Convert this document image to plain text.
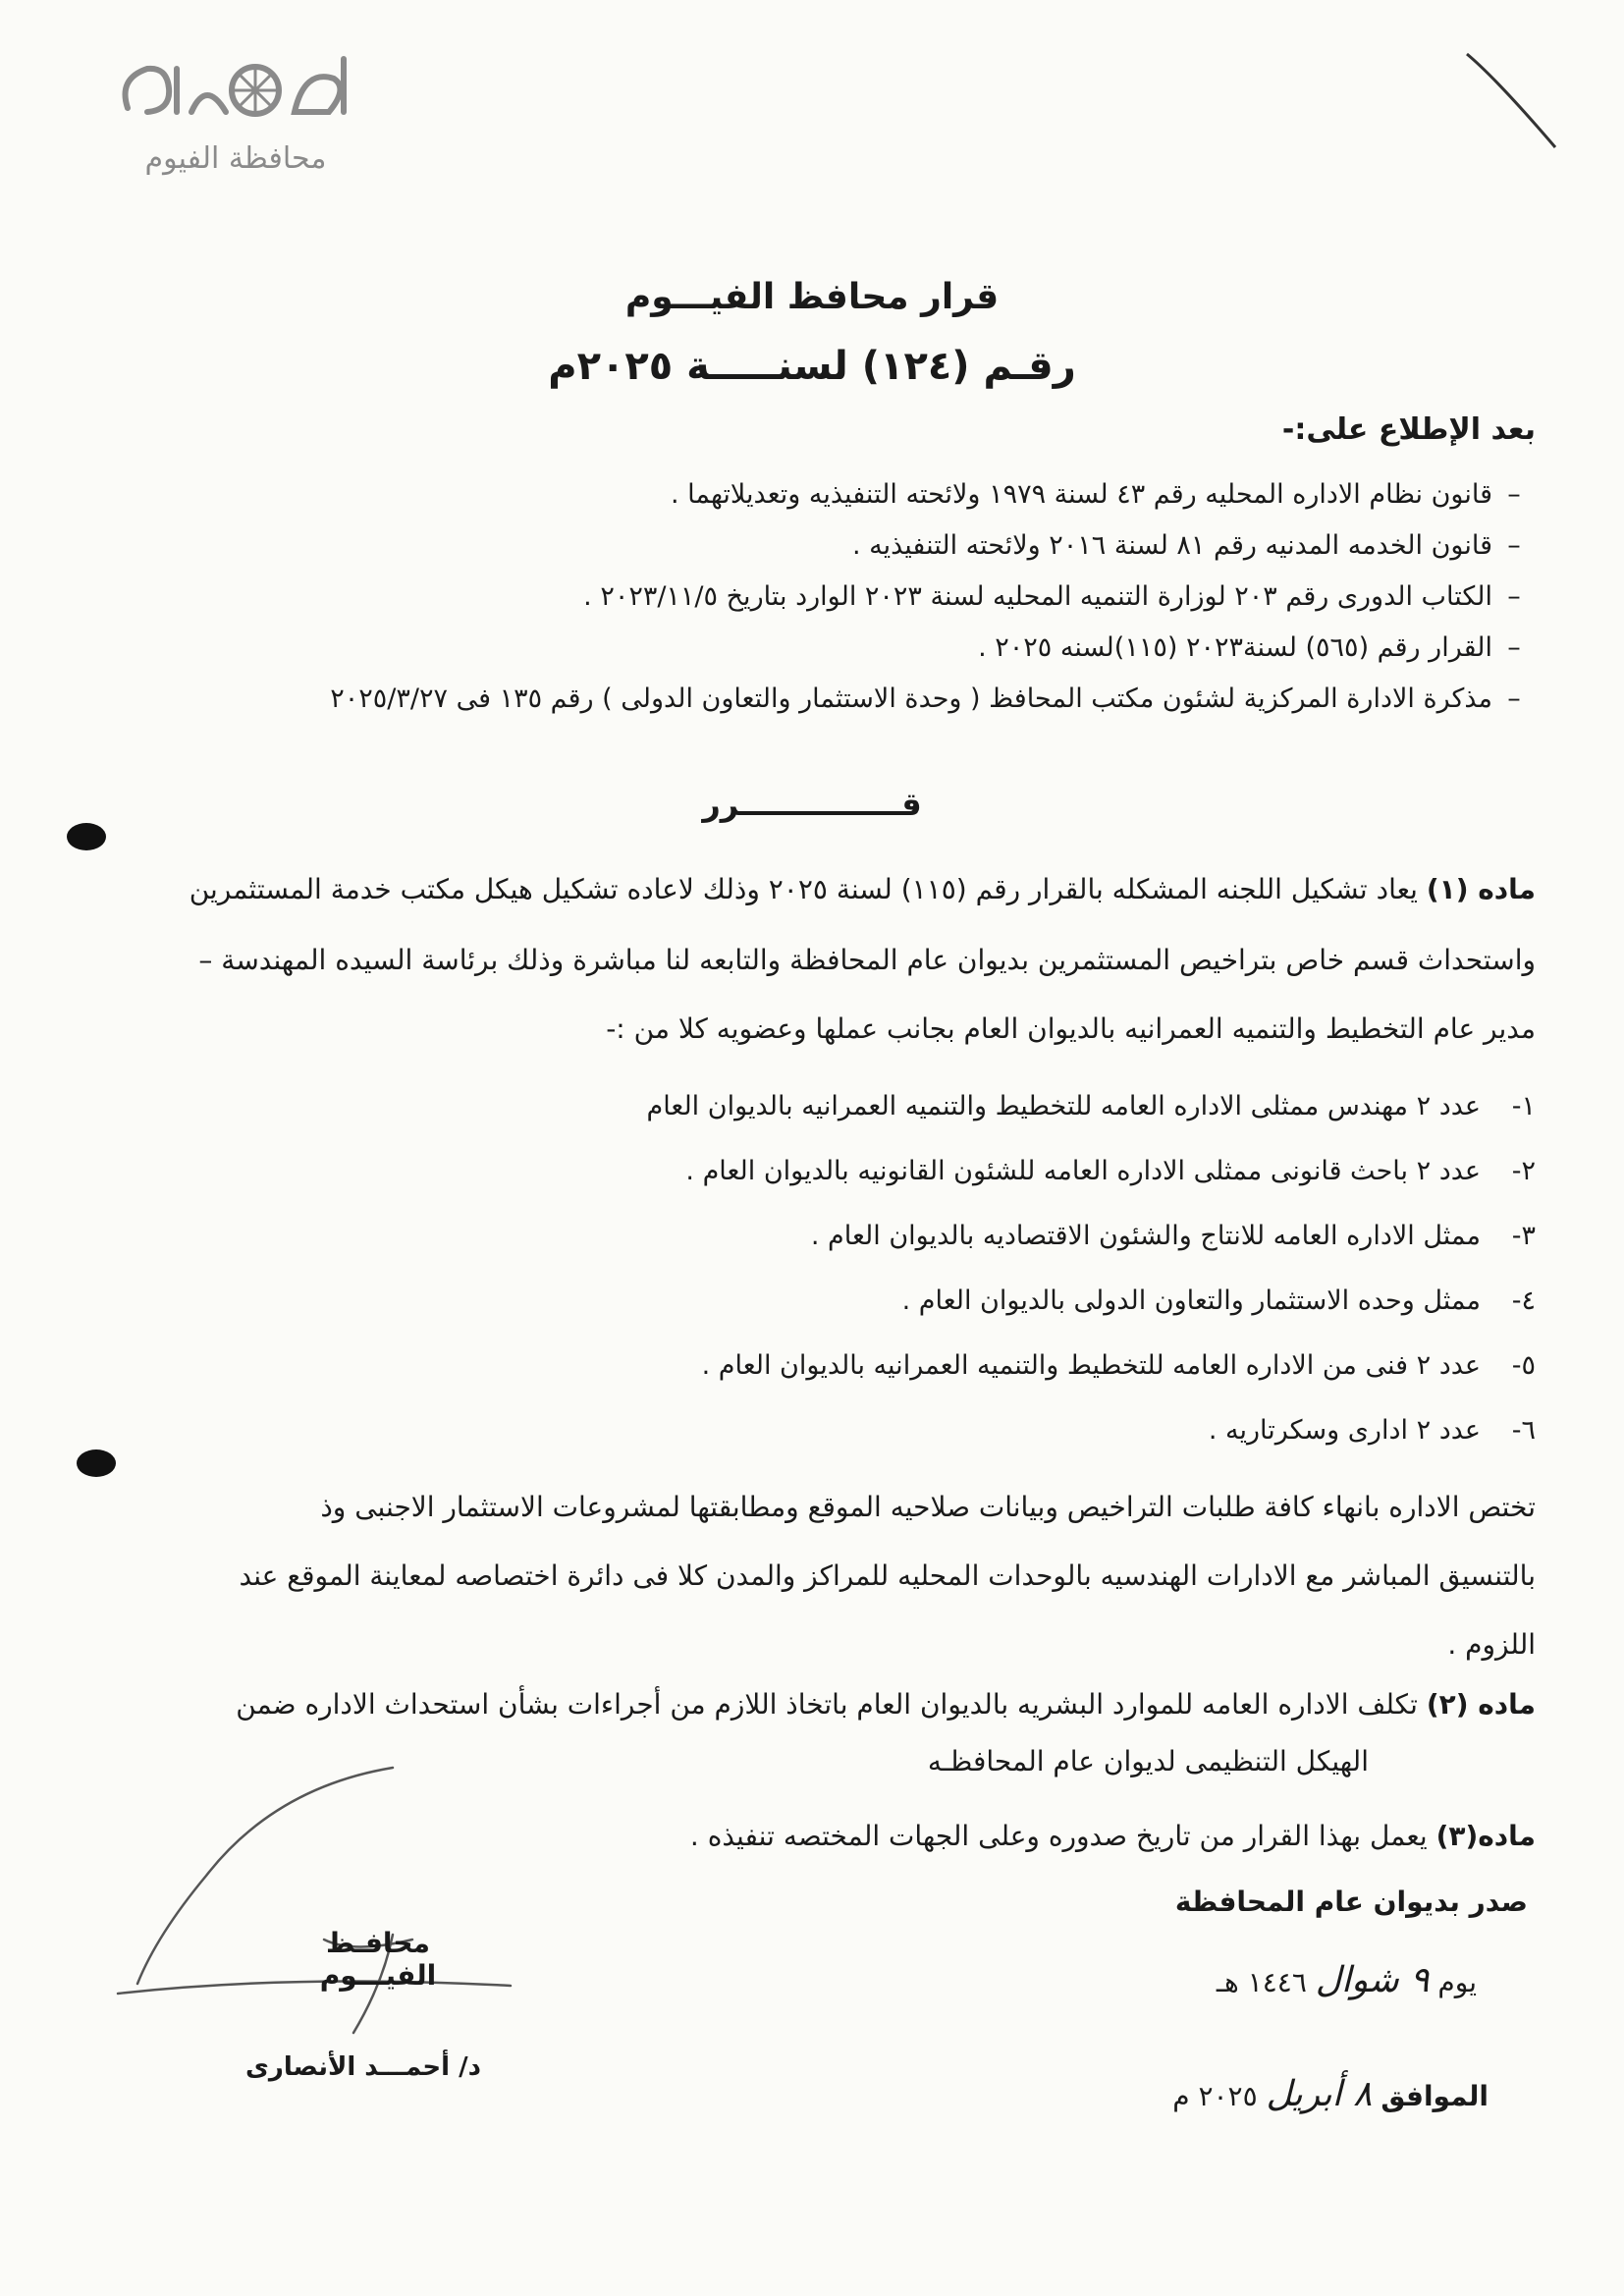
محافظة الفيوم
قرار محافظ الفيـــوم
رقـم (١٢٤) لسنـــــة ٢٠٢٥م
بعد الإطلاع على:-
–قانون نظام الاداره المحليه رقم ٤٣ لسنة ١٩٧٩ ولائحته التنفيذيه وتعديلاتهما .
–قانون الخدمه المدنيه رقم ٨١ لسنة ٢٠١٦ ولائحته التنفيذيه .
–الكتاب الدورى رقم ٢٠٣ لوزارة التنميه المحليه لسنة ٢٠٢٣ الوارد بتاريخ ٢٠٢٣/١١/٥ .
–القرار رقم (٥٦٥) لسنة٢٠٢٣ (١١٥)لسنه ٢٠٢٥ .
–مذكرة الادارة المركزية لشئون مكتب المحافظ ( وحدة الاستثمار والتعاون الدولى ) رقم ١٣٥ فى ٢٠٢٥/٣/٢٧
قـــــــــــــــرر
ماده (١) يعاد تشكيل اللجنه المشكله بالقرار رقم (١١٥) لسنة ٢٠٢٥ وذلك لاعاده تشكيل هيكل مكتب خدمة المستثمرين
واستحداث قسم خاص بتراخيص المستثمرين بديوان عام المحافظة والتابعه لنا مباشرة وذلك برئاسة السيده المهندسة –
مدير عام التخطيط والتنميه العمرانيه بالديوان العام بجانب عملها وعضويه كلا من :-
١-عدد ٢ مهندس ممثلى الاداره العامه للتخطيط والتنميه العمرانيه بالديوان العام
٢-عدد ٢ باحث قانونى ممثلى الاداره العامه للشئون القانونيه بالديوان العام .
٣-ممثل الاداره العامه للانتاج والشئون الاقتصاديه بالديوان العام .
٤-ممثل وحده الاستثمار والتعاون الدولى بالديوان العام .
٥-عدد ٢ فنى من الاداره العامه للتخطيط والتنميه العمرانيه بالديوان العام .
٦-عدد ٢ ادارى وسكرتاريه .
تختص الاداره بانهاء كافة طلبات التراخيص وبيانات صلاحيه الموقع ومطابقتها لمشروعات الاستثمار الاجنبى وذ
بالتنسيق المباشر مع الادارات الهندسيه بالوحدات المحليه للمراكز والمدن كلا فى دائرة اختصاصه لمعاينة الموقع عند
اللزوم .
ماده (٢) تكلف الاداره العامه للموارد البشريه بالديوان العام باتخاذ اللازم من أجراءات بشأن استحداث الاداره ضمن
الهيكل التنظيمى لديوان عام المحافظـه
ماده(٣) يعمل بهذا القرار من تاريخ صدوره وعلى الجهات المختصه تنفيذه .
صدر بديوان عام المحافظة
يوم ٩ شوال ١٤٤٦ هـ
الموافق ٨ أبريل ٢٠٢٥ م
محافـظ الفيـــوم
د/ أحمـــد الأنصارى
